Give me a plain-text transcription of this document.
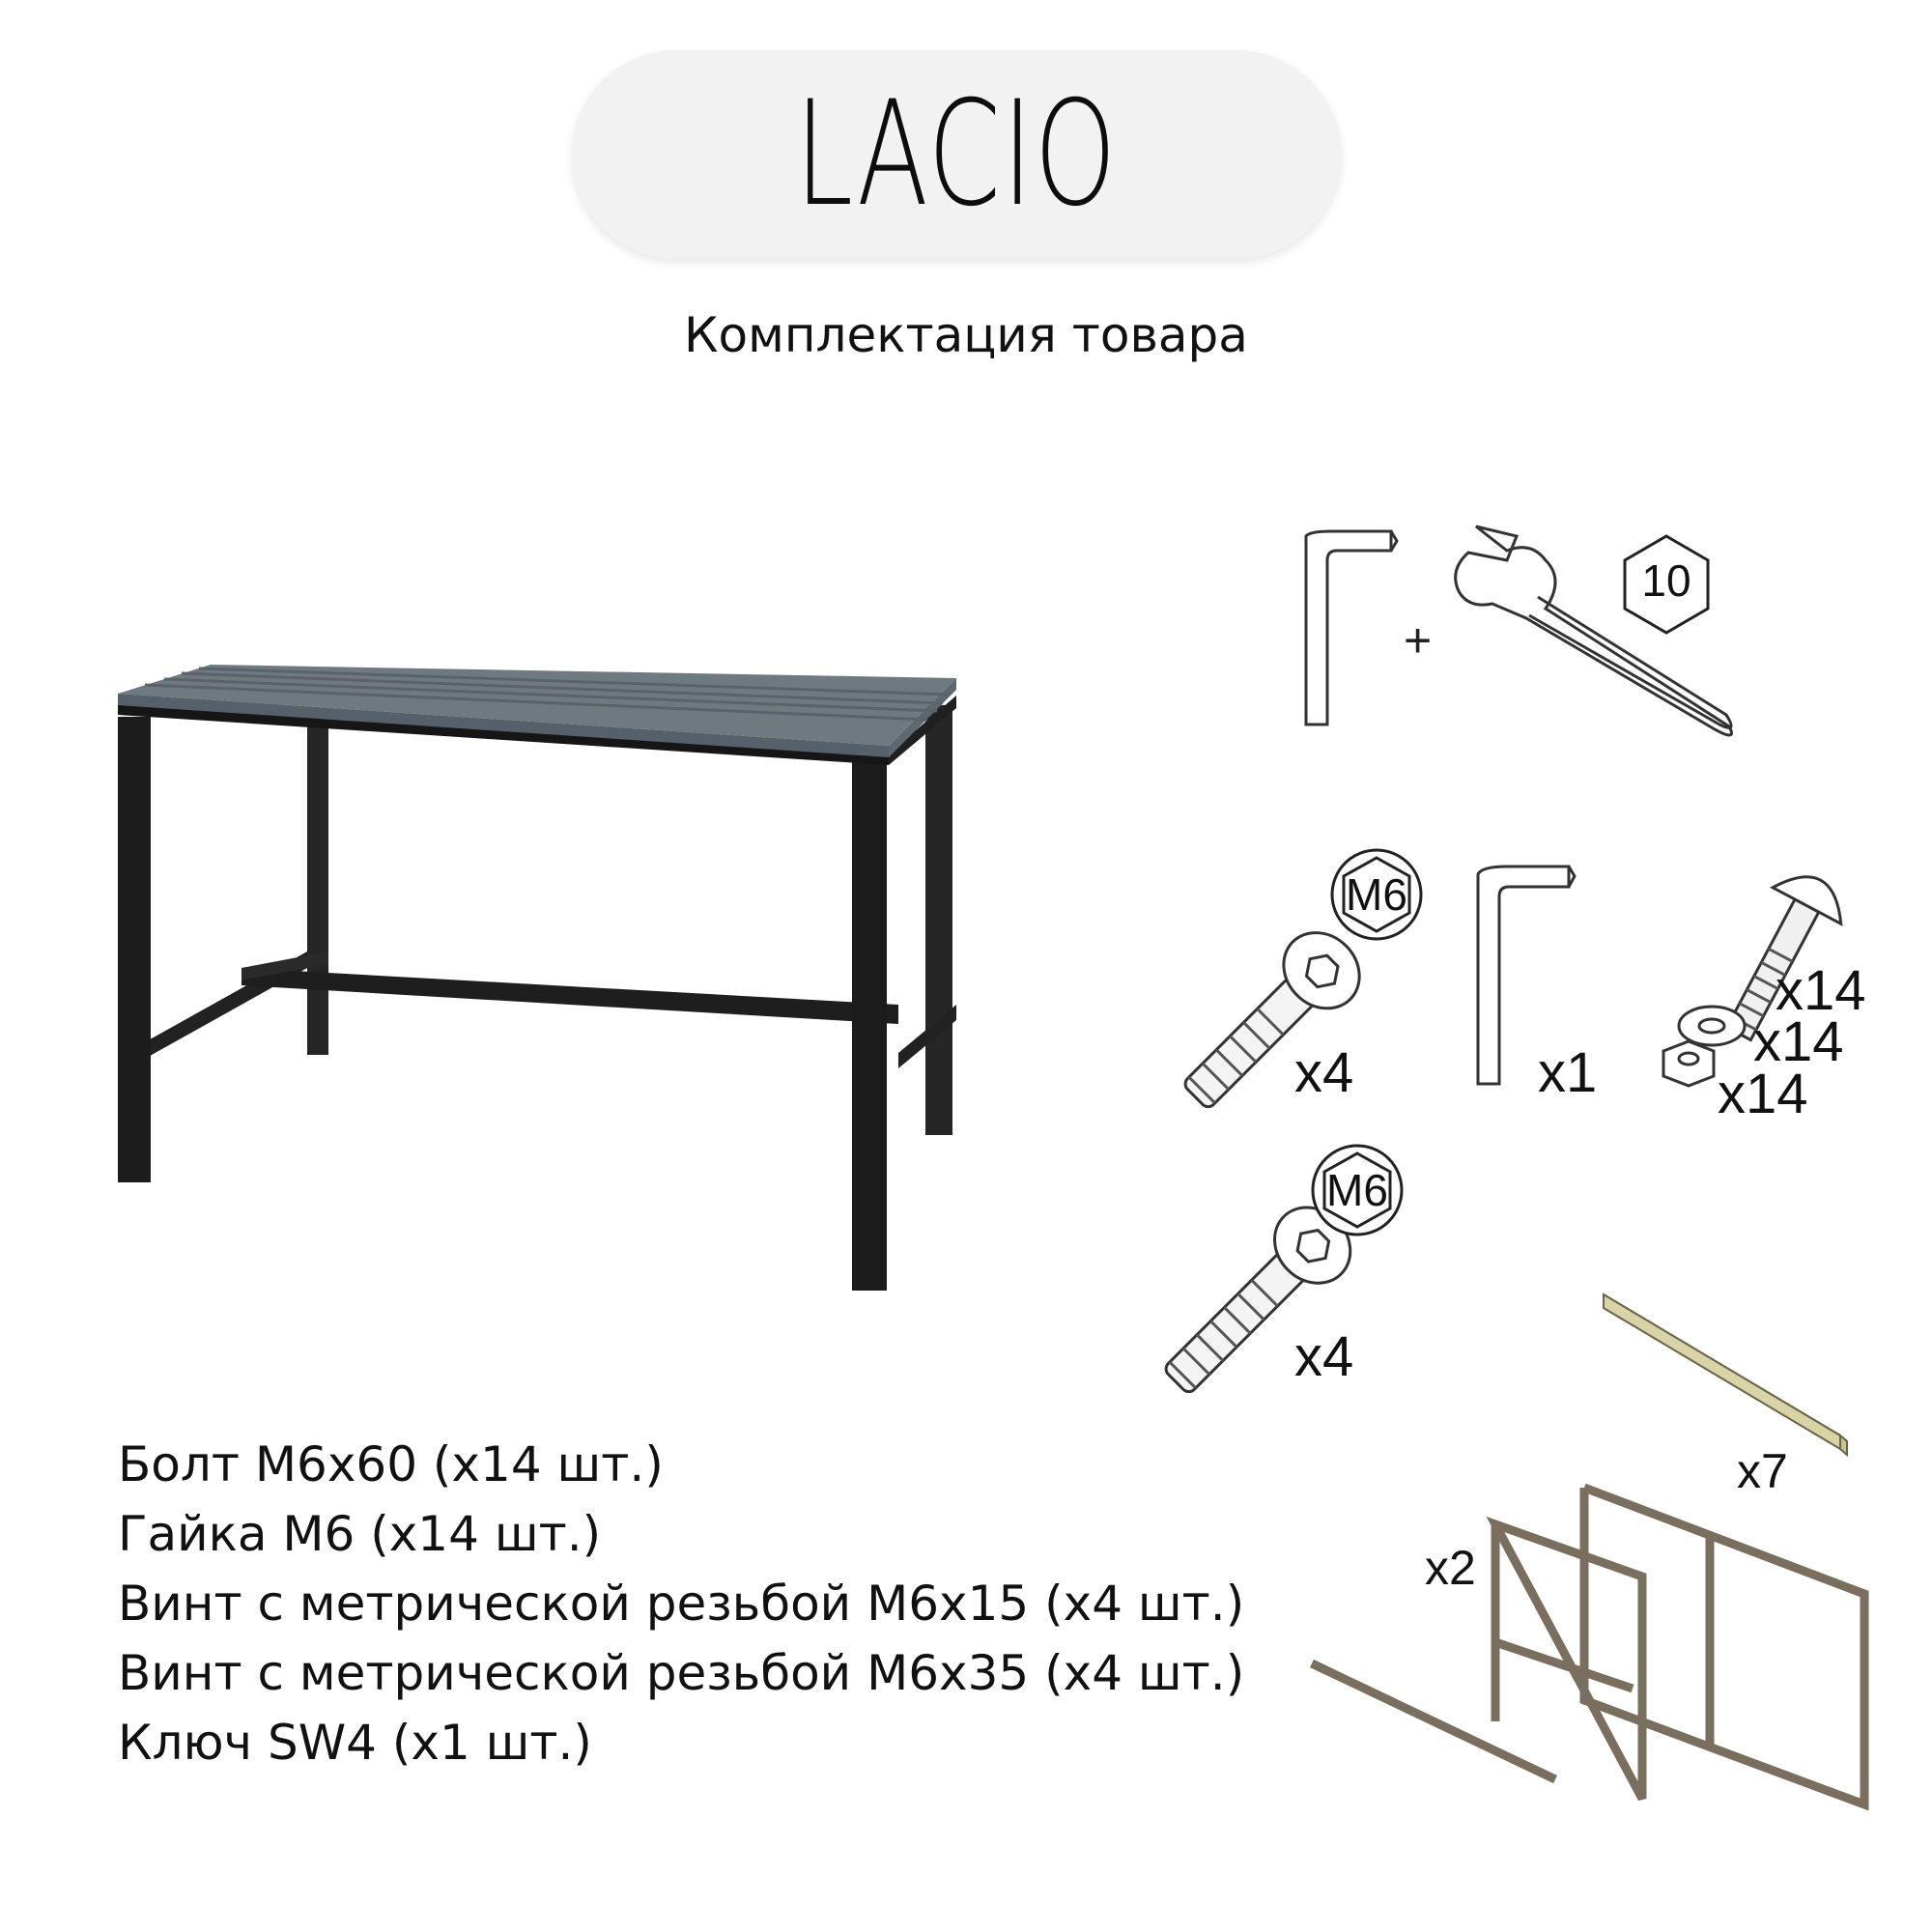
LACIO
Комплектация товара
+
10
M6
x4	x1
x14
x14
x14
M6
x4
x7
x2
Болт М6х60 (х14 шт.)
Гайка М6 (х14 шт.)
Винт с метрической резьбой М6х15 (х4 шт.)
Винт с метрической резьбой М6х35 (х4 шт.)
Ключ SW4 (х1 шт.)
